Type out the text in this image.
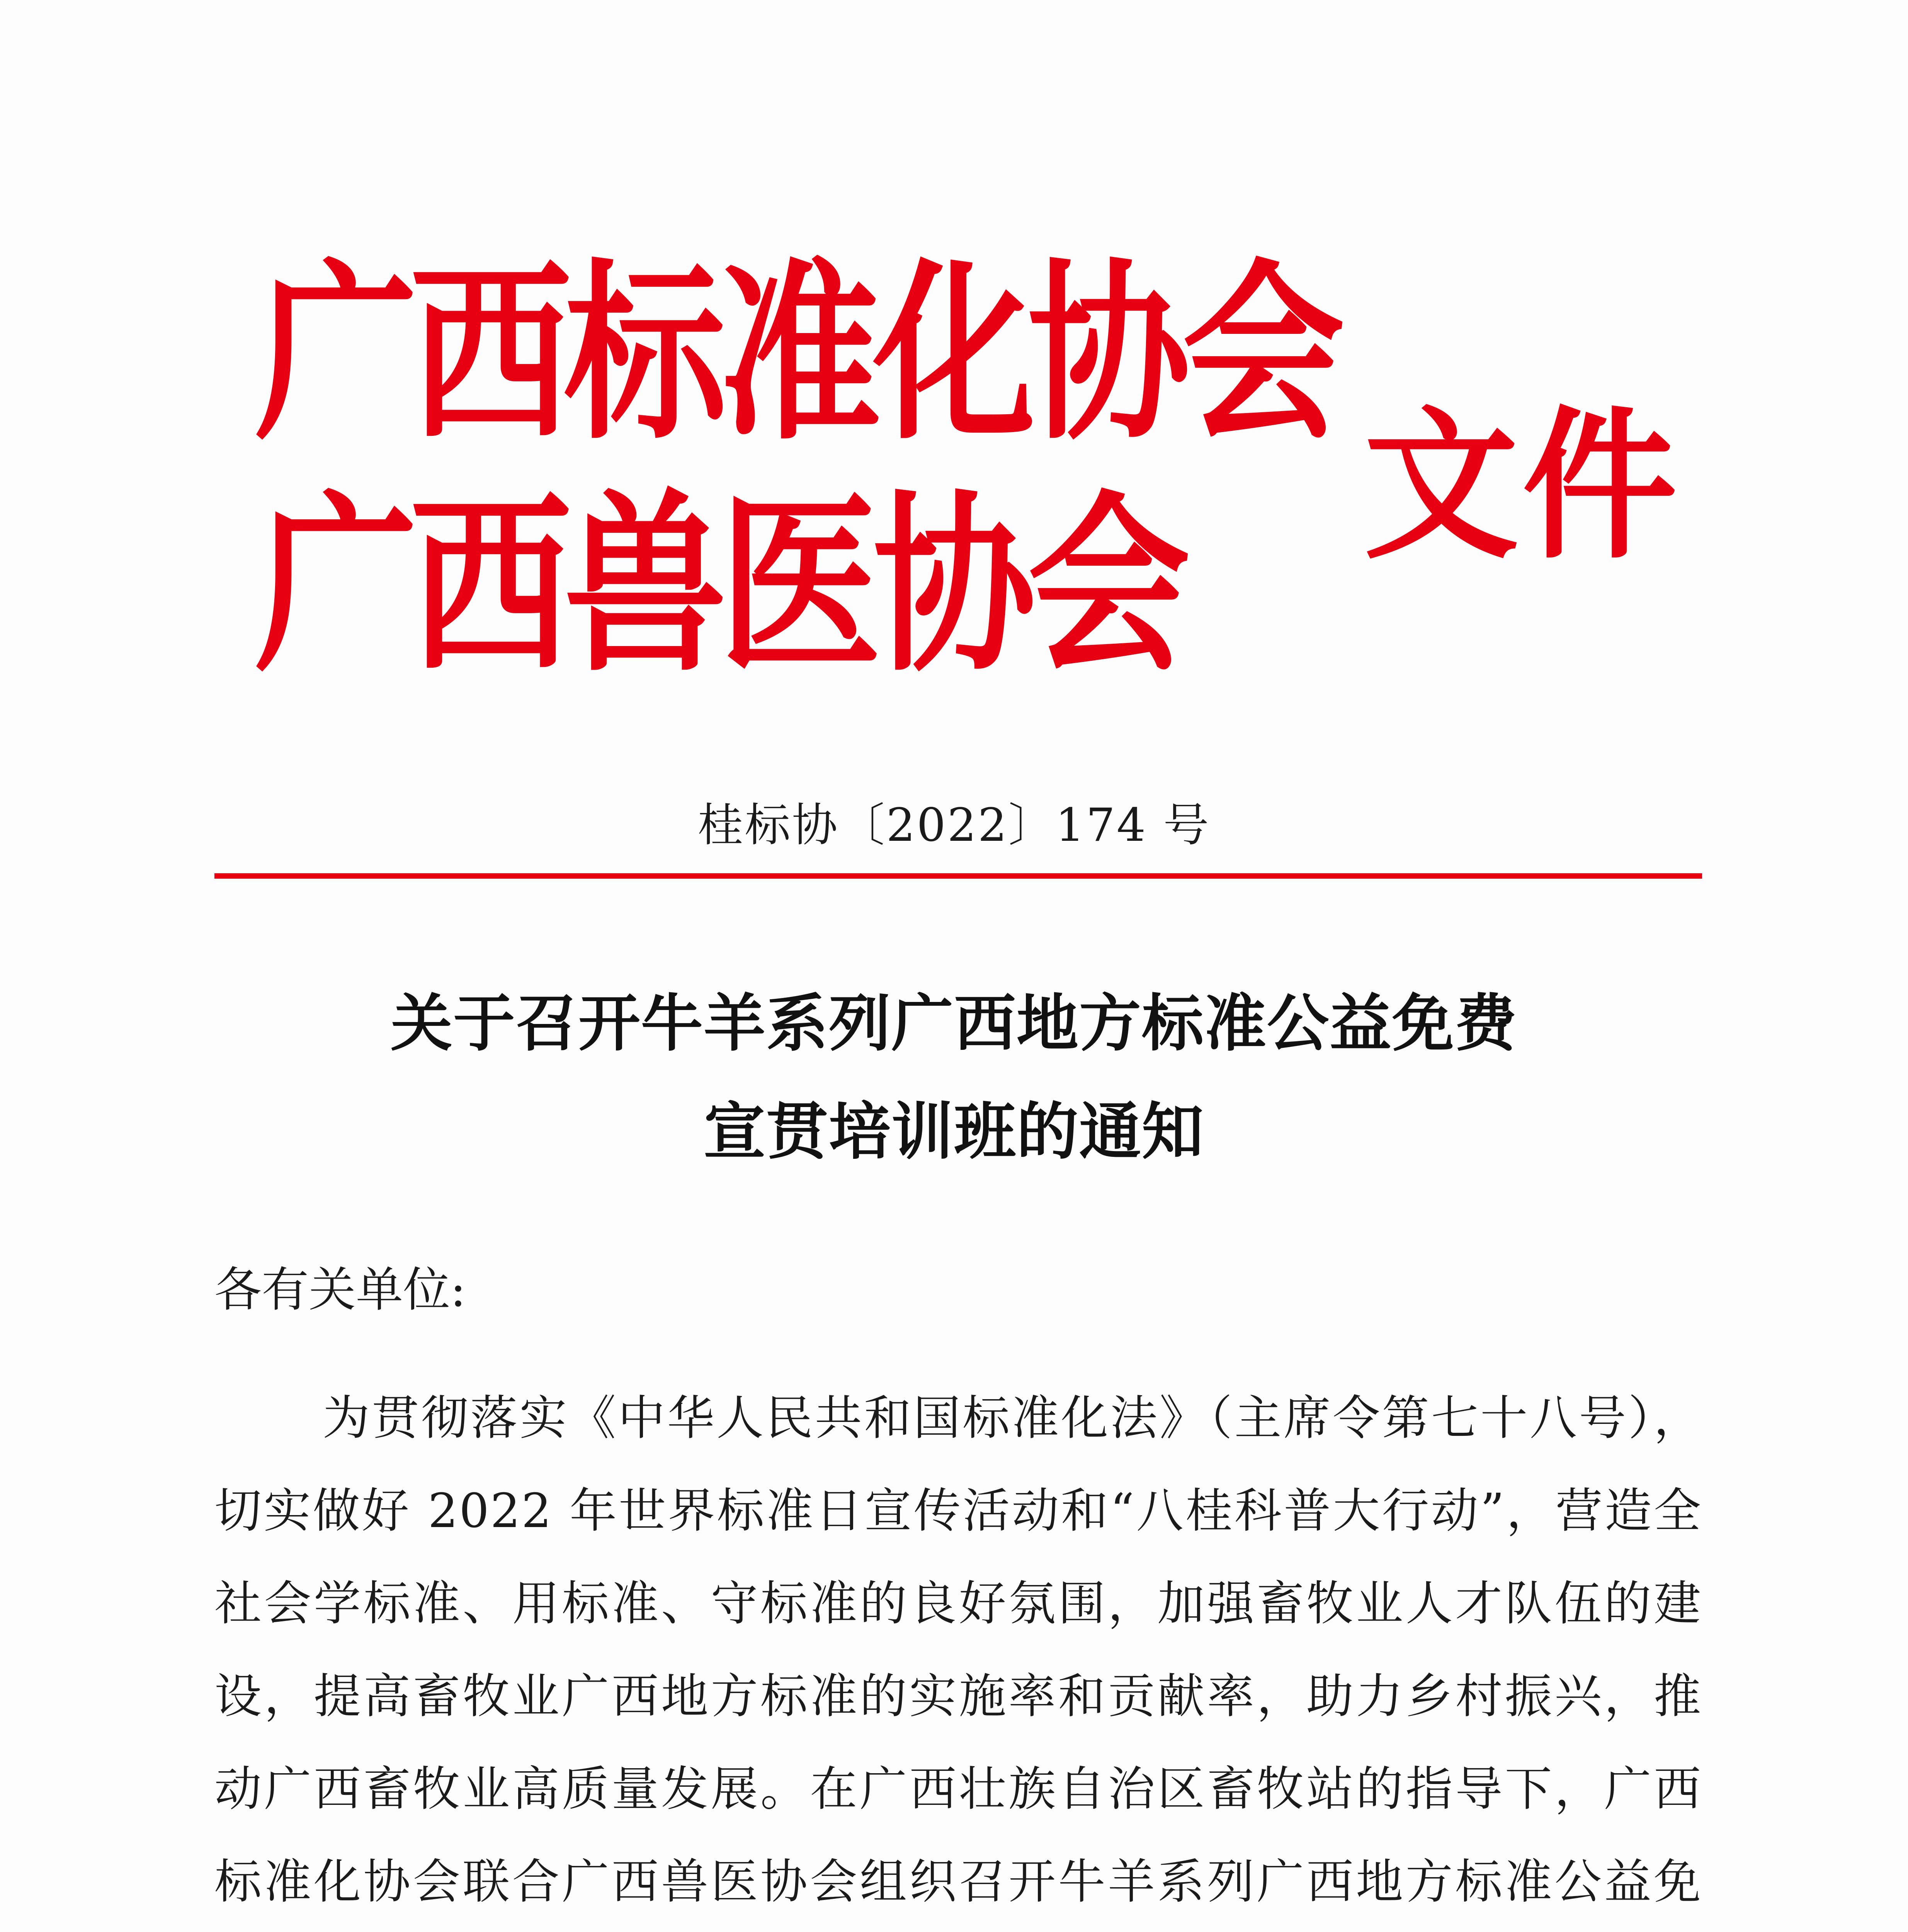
广西标准化协会
广西兽医协会 文件
桂标协〔2022〕174 号
关于召开牛羊系列广西地方标准公益免费
宣贯培训班的通知
各有关单位:
为贯彻落实《中华人民共和国标准化法》（主席令第七十八号），切实做好 2022 年世界标准日宣传活动和“八桂科普大行动”，营造全社会学标准、用标准、守标准的良好氛围，加强畜牧业人才队伍的建设，提高畜牧业广西地方标准的实施率和贡献率，助力乡村振兴，推动广西畜牧业高质量发展。在广西壮族自治区畜牧站的指导下，广西标准化协会联合广西兽医协会组织召开牛羊系列广西地方标准公益免
